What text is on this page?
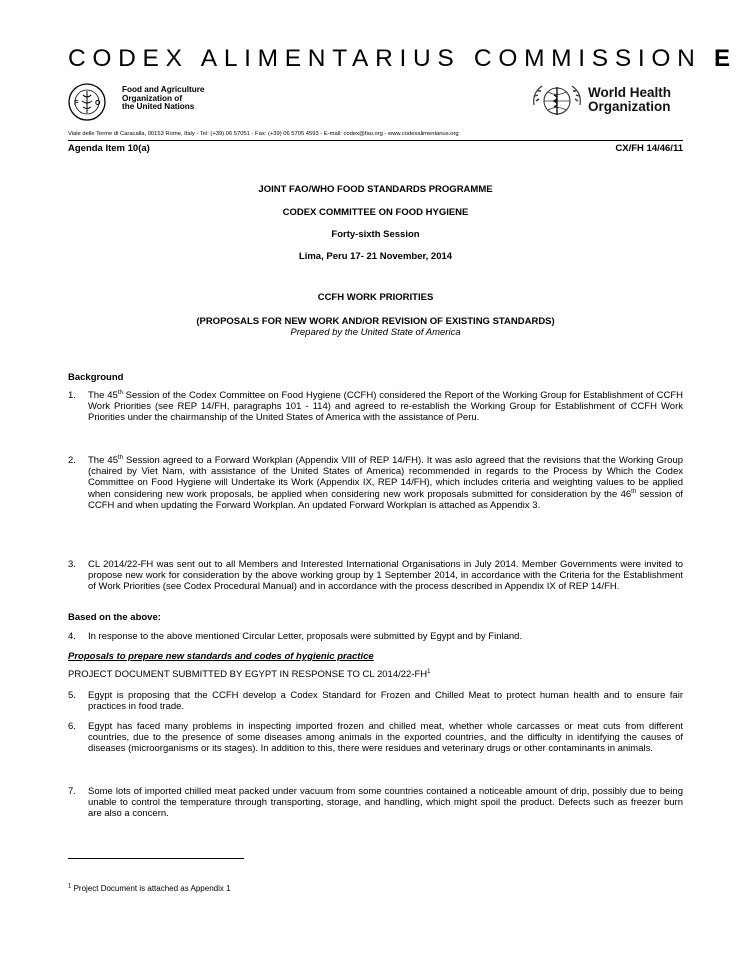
CODEX ALIMENTARIUS COMMISSION E
F O
Food and Agriculture
Organization of
the United Nations
World Health
Organization
Viale delle Terme di Caracalla, 00153 Rome, Italy - Tel: (+39) 06 57051 - Fax: (+39) 06 5705 4593 - E-mail: codex@fao.org - www.codexalimentarius.org
Agenda Item 10(a)	CX/FH 14/46/11
JOINT FAO/WHO FOOD STANDARDS PROGRAMME
CODEX COMMITTEE ON FOOD HYGIENE
Forty-sixth Session
Lima, Peru 17- 21 November, 2014
CCFH WORK PRIORITIES
(PROPOSALS FOR NEW WORK AND/OR REVISION OF EXISTING STANDARDS)
Prepared by the United State of America
Background
1. The 45th Session of the Codex Committee on Food Hygiene (CCFH) considered the Report of the Working Group for Establishment of CCFH Work Priorities (see REP 14/FH, paragraphs 101 - 114) and agreed to re-establish the Working Group for Establishment of CCFH Work Priorities under the chairmanship of the United States of America with the assistance of Peru.
2. The 45th Session agreed to a Forward Workplan (Appendix VIII of REP 14/FH). It was aslo agreed that the revisions that the Working Group (chaired by Viet Nam, with assistance of the United States of America) recommended in regards to the Process by Which the Codex Committee on Food Hygiene will Undertake its Work (Appendix IX, REP 14/FH), which includes criteria and weighting values to be applied when considering new work proposals, be applied when considering new work proposals submitted for consideration by the 46th session of CCFH and when updating the Forward Workplan. An updated Forward Workplan is attached as Appendix 3.
3. CL 2014/22-FH was sent out to all Members and Interested International Organisations in July 2014. Member Governments were invited to propose new work for consideration by the above working group by 1 September 2014, in accordance with the Criteria for the Establishment of Work Priorities (see Codex Procedural Manual) and in accordance with the process described in Appendix IX of REP 14/FH.
Based on the above:
4. In response to the above mentioned Circular Letter, proposals were submitted by Egypt and by Finland.
Proposals to prepare new standards and codes of hygienic practice
PROJECT DOCUMENT SUBMITTED BY EGYPT IN RESPONSE TO CL $2014/22-FH^1$
5. Egypt is proposing that the CCFH develop a Codex Standard for Frozen and Chilled Meat to protect human health and to ensure fair practices in food trade.
6. Egypt has faced many problems in inspecting imported frozen and chilled meat, whether whole carcasses or meat cuts from different countries, due to the presence of some diseases among animals in the exported countries, and the difficulty in identifying the causes of diseases (microorganisms or its stages). In addition to this, there were residues and veterinary drugs or other contaminants in animals.
7. Some lots of imported chilled meat packed under vacuum from some countries contained a noticeable amount of drip, possibly due to being unable to control the temperature through transporting, storage, and handling, which might spoil the product. Defects such as freezer burn are also a concern.
$^1$ Project Document is attached as Appendix 1
